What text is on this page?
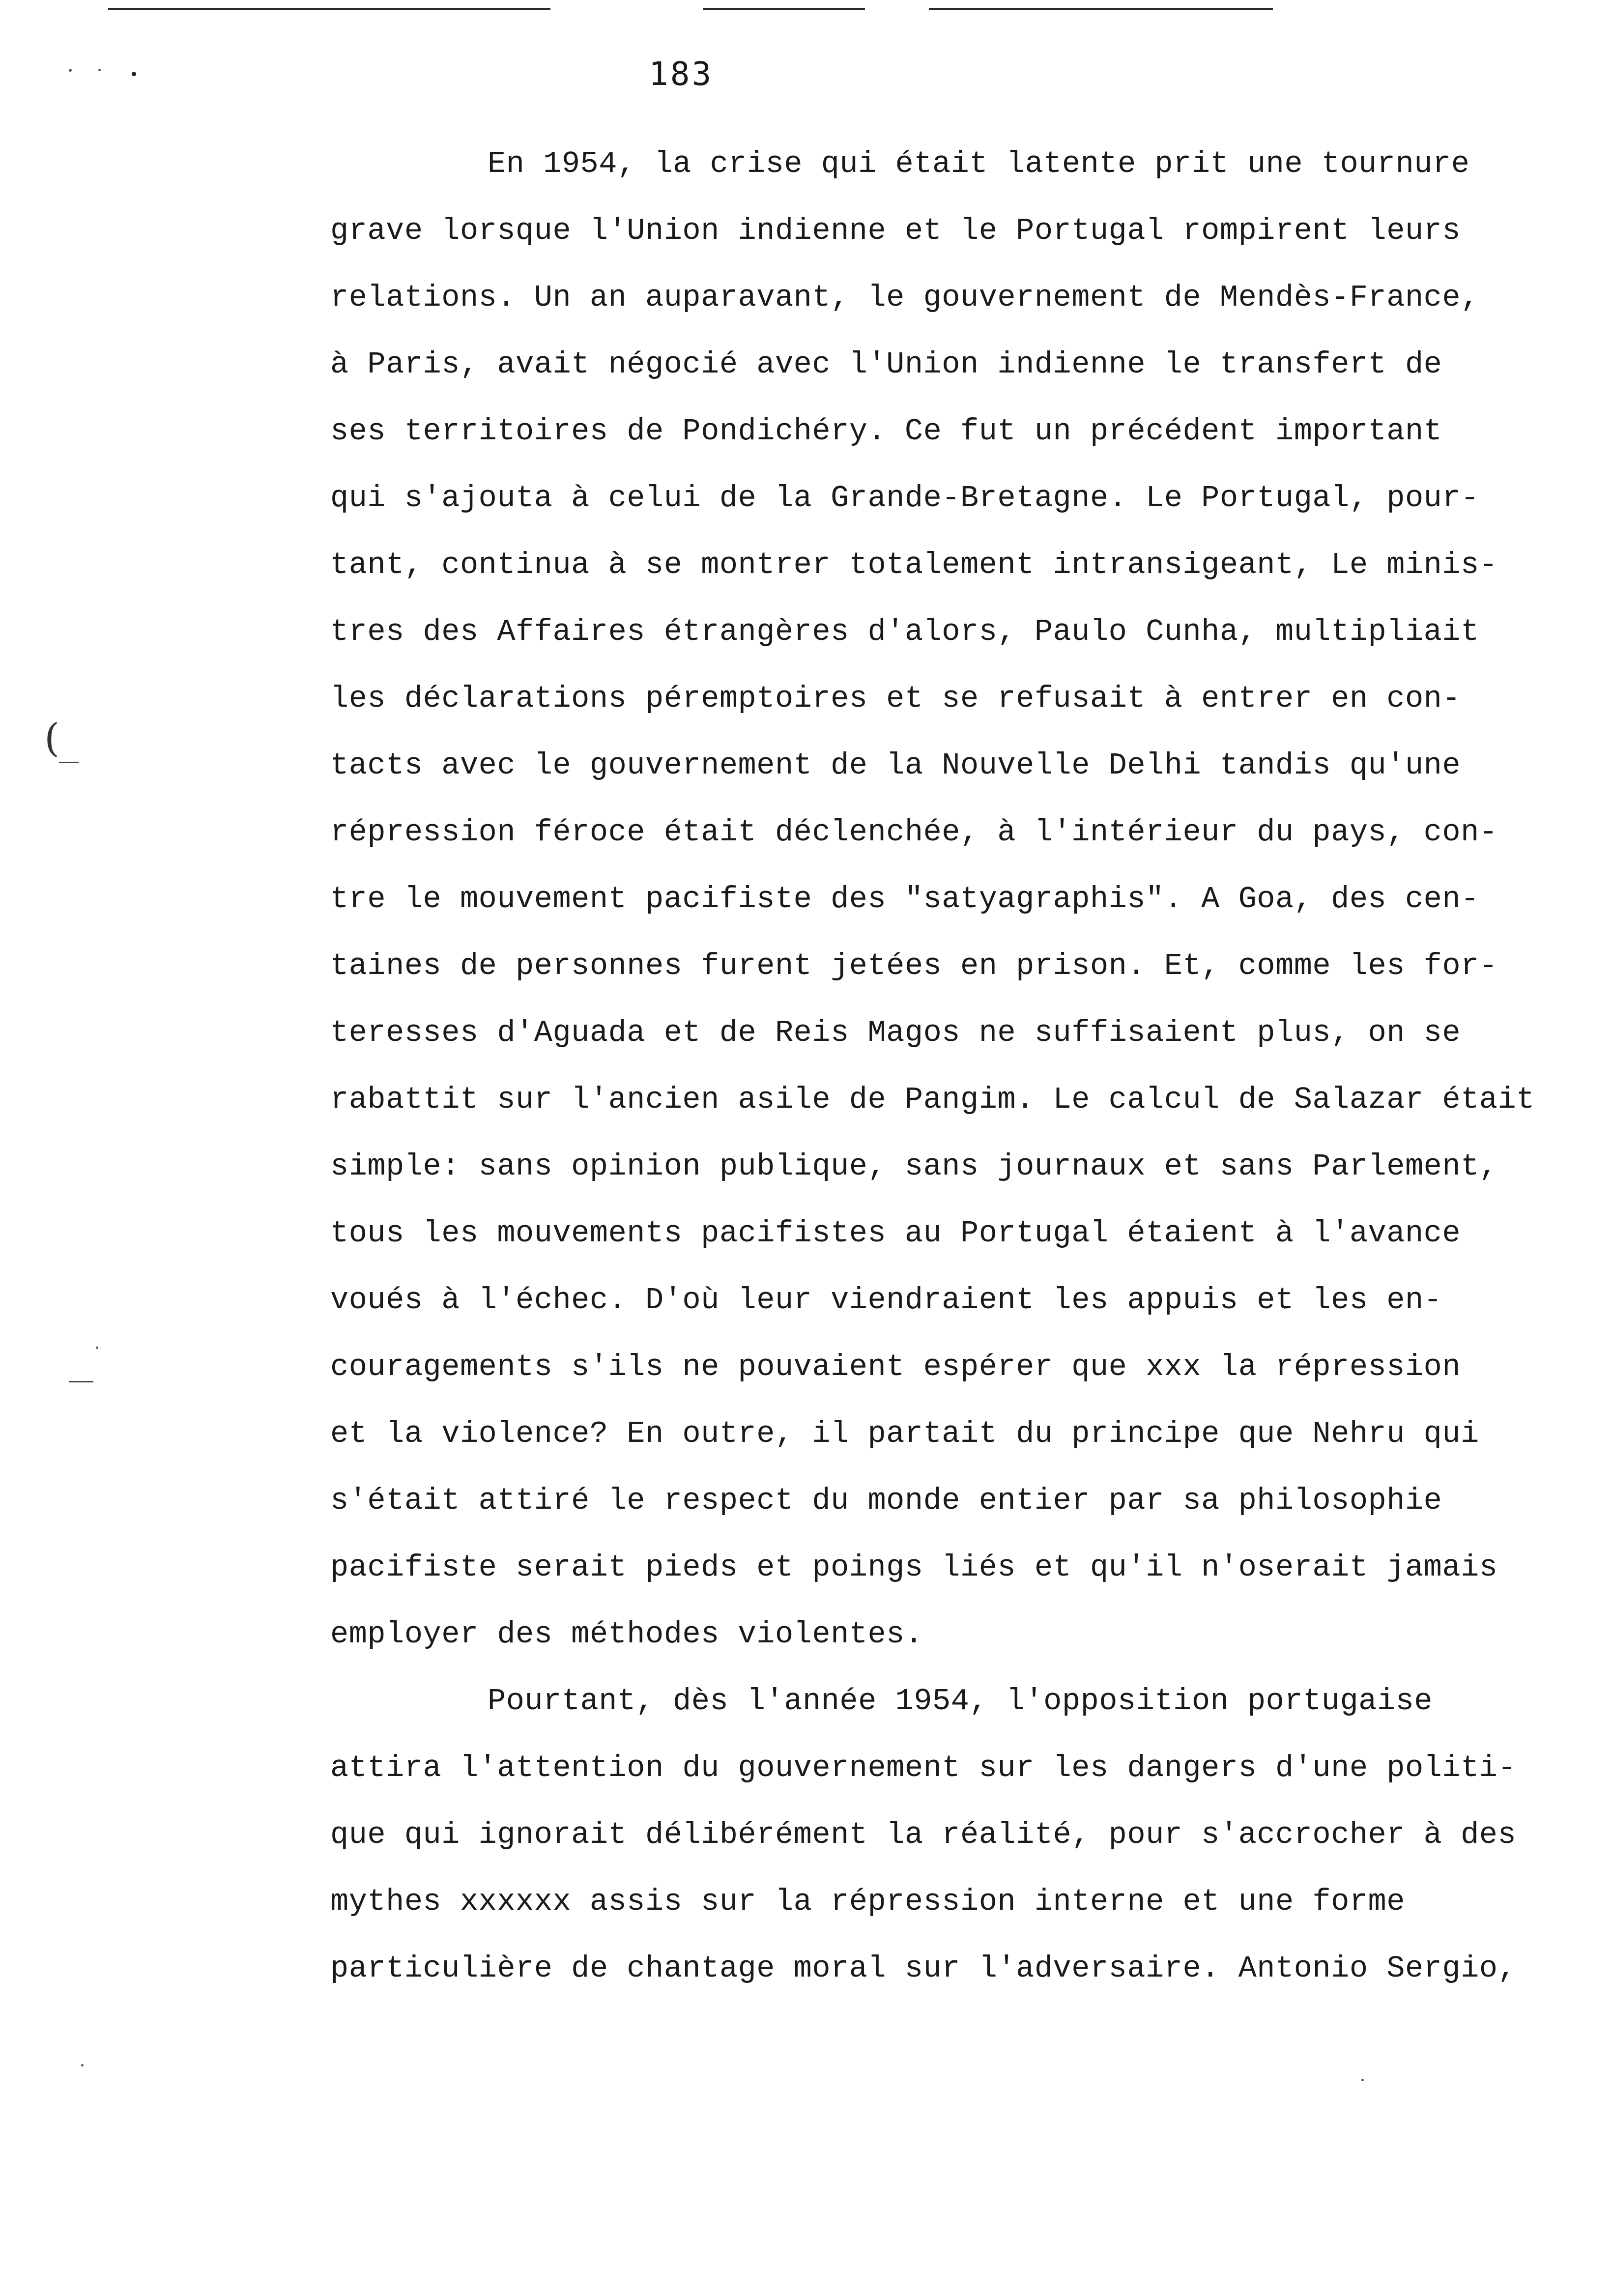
183
(
En 1954, la crise qui était latente prit une tournure
grave lorsque l'Union indienne et le Portugal rompirent leurs
relations. Un an auparavant, le gouvernement de Mendès-France,
à Paris, avait négocié avec l'Union indienne le transfert de
ses territoires de Pondichéry. Ce fut un précédent important
qui s'ajouta à celui de la Grande-Bretagne. Le Portugal, pour-
tant, continua à se montrer totalement intransigeant, Le minis-
tres des Affaires étrangères d'alors, Paulo Cunha, multipliait
les déclarations péremptoires et se refusait à entrer en con-
tacts avec le gouvernement de la Nouvelle Delhi tandis qu'une
répression féroce était déclenchée, à l'intérieur du pays, con-
tre le mouvement pacifiste des "satyagraphis". A Goa, des cen-
taines de personnes furent jetées en prison. Et, comme les for-
teresses d'Aguada et de Reis Magos ne suffisaient plus, on se
rabattit sur l'ancien asile de Pangim. Le calcul de Salazar était
simple: sans opinion publique, sans journaux et sans Parlement,
tous les mouvements pacifistes au Portugal étaient à l'avance
voués à l'échec. D'où leur viendraient les appuis et les en-
couragements s'ils ne pouvaient espérer que xxx la répression
et la violence? En outre, il partait du principe que Nehru qui
s'était attiré le respect du monde entier par sa philosophie
pacifiste serait pieds et poings liés et qu'il n'oserait jamais
employer des méthodes violentes.
Pourtant, dès l'année 1954, l'opposition portugaise
attira l'attention du gouvernement sur les dangers d'une politi-
que qui ignorait délibérément la réalité, pour s'accrocher à des
mythes xxxxxx assis sur la répression interne et une forme
particulière de chantage moral sur l'adversaire. Antonio Sergio,
